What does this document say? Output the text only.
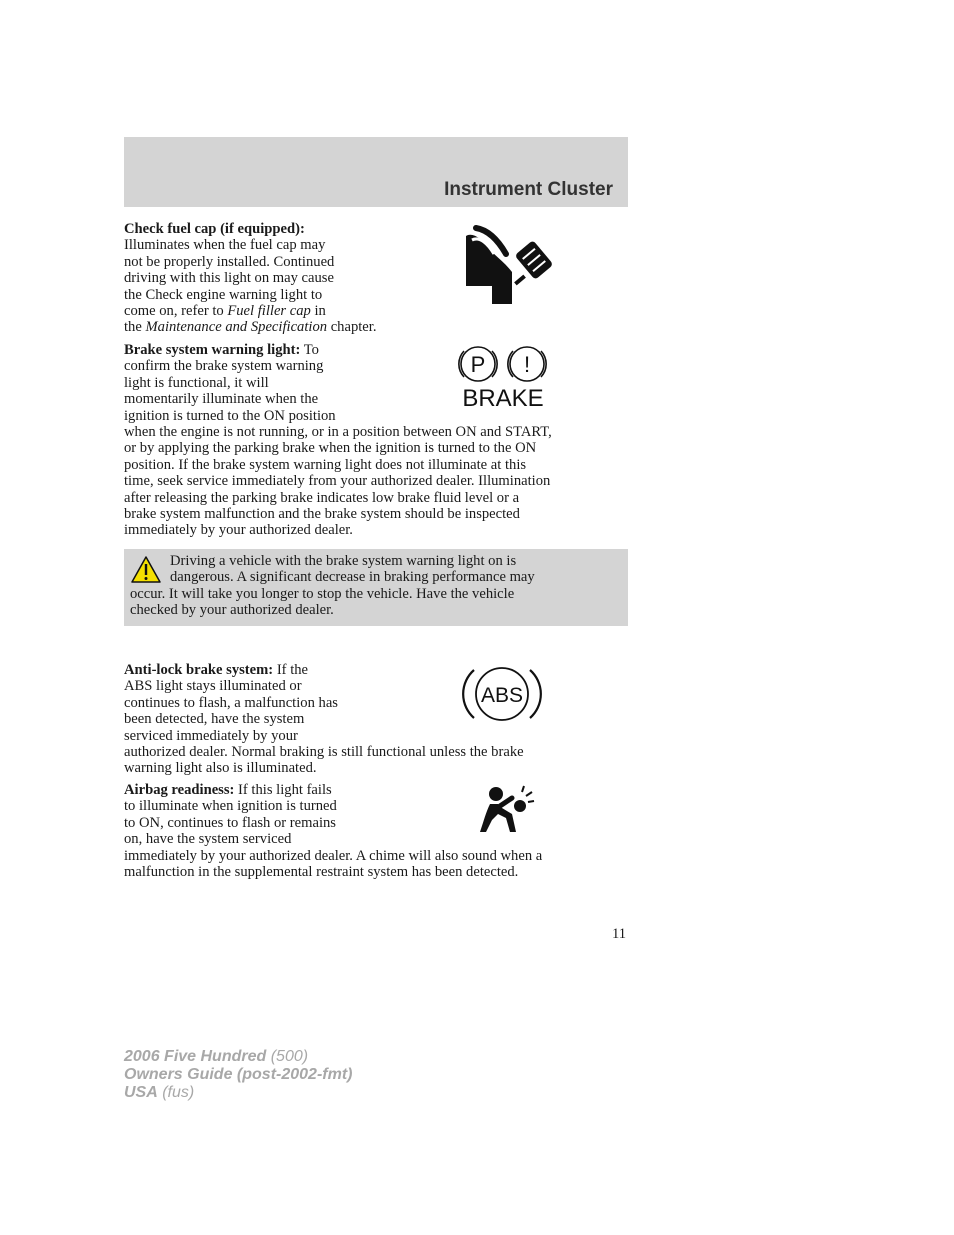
Instrument Cluster
Check fuel cap (if equipped):
Illuminates when the fuel cap may
not be properly installed. Continued
driving with this light on may cause
the Check engine warning light to
come on, refer to Fuel filler cap in
the Maintenance and Specification chapter.
Brake system warning light: To
confirm the brake system warning
light is functional, it will
momentarily illuminate when the
ignition is turned to the ON position
when the engine is not running, or in a position between ON and START,
or by applying the parking brake when the ignition is turned to the ON
position. If the brake system warning light does not illuminate at this
time, seek service immediately from your authorized dealer. Illumination
after releasing the parking brake indicates low brake fluid level or a
brake system malfunction and the brake system should be inspected
immediately by your authorized dealer.
P !
BRAKE
Driving a vehicle with the brake system warning light on is
dangerous. A significant decrease in braking performance may
occur. It will take you longer to stop the vehicle. Have the vehicle
checked by your authorized dealer.
Anti-lock brake system: If the
ABS light stays illuminated or
continues to flash, a malfunction has
been detected, have the system
serviced immediately by your
authorized dealer. Normal braking is still functional unless the brake
warning light also is illuminated.
ABS
Airbag readiness: If this light fails
to illuminate when ignition is turned
to ON, continues to flash or remains
on, have the system serviced
immediately by your authorized dealer. A chime will also sound when a
malfunction in the supplemental restraint system has been detected.
11
2006 Five Hundred (500)
Owners Guide (post-2002-fmt)
USA (fus)
